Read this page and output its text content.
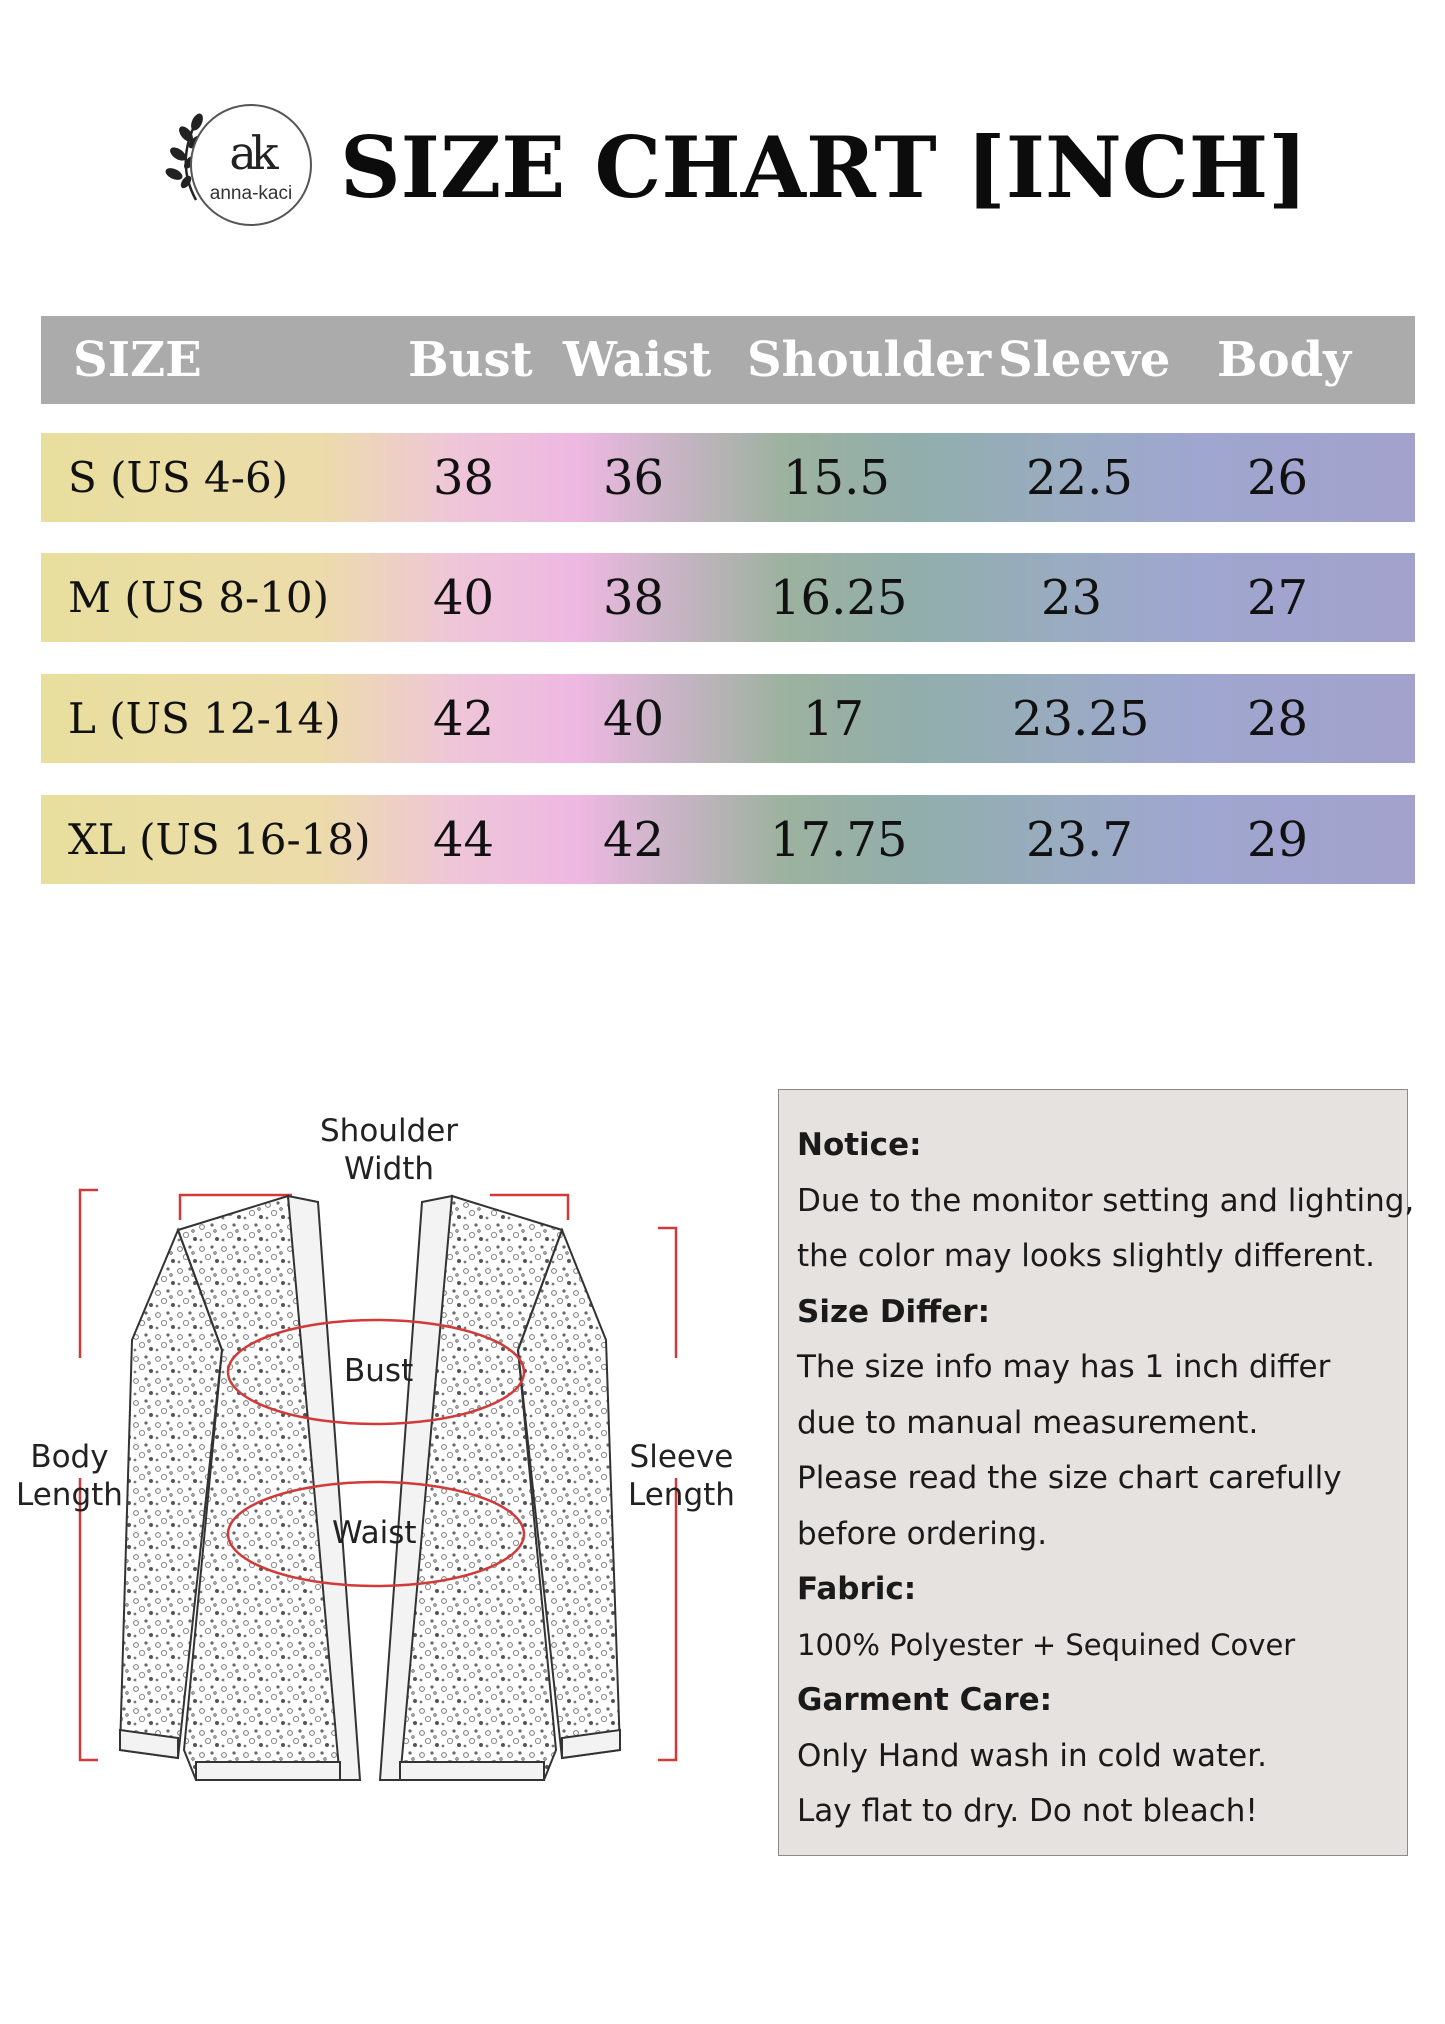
ak
anna-kaci SIZE CHART [INCH]
SIZE	Bust Waist Shoulder Sleeve Body
S (US 4-6)	38 36 15.5	22.5 26
M (US 8-10) 40 38 16.25	23	27
L (US 12-14) 42 40	17	23.25 28
XL (US 16-18) 44 42 17.75 23.7 29
Shoulder
Width
Body
Length
Sleeve
Length
Bust
Waist
Notice:
Due to the monitor setting and lighting,
the color may looks slightly different.
Size Differ:
The size info may has 1 inch differ
due to manual measurement.
Please read the size chart carefully
before ordering.
Fabric:
100% Polyester + Sequined Cover
Garment Care:
Only Hand wash in cold water.
Lay flat to dry. Do not bleach!
